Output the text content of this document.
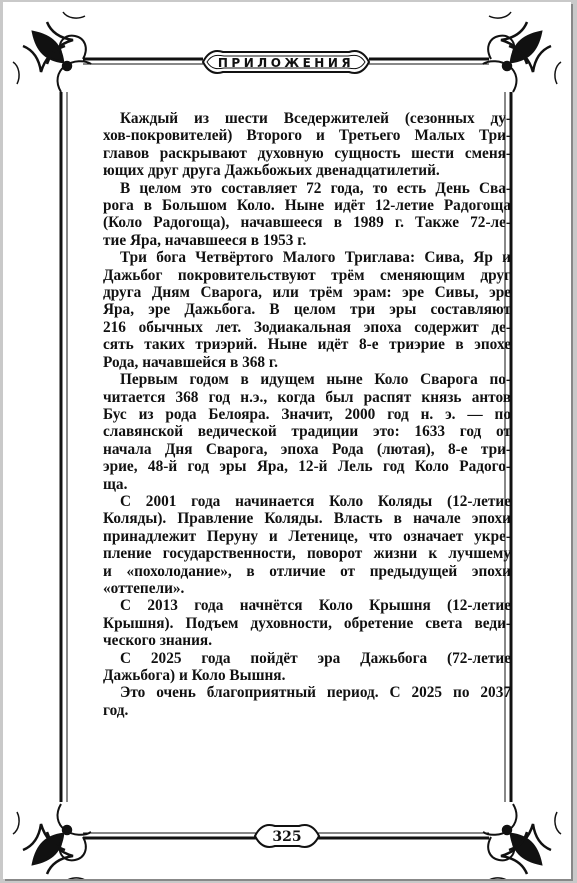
ПРИЛОЖЕНИЯ
325
Каждый из шести Вседержителей (сезонных ду-
хов-покровителей) Второго и Третьего Малых Три-
главов раскрывают духовную сущность шести сменя-
ющих друг друга Дажьбожьих двенадцатилетий.
В целом это составляет 72 года, то есть День Сва-
рога в Большом Коло. Ныне идёт 12-летие Радогоща
(Коло Радогоща), начавшееся в 1989 г. Также 72-ле-
тие Яра, начавшееся в 1953 г.
Три бога Четвёртого Малого Триглава: Сива, Яр и
Дажьбог покровительствуют трём сменяющим друг
друга Дням Сварога, или трём эрам: эре Сивы, эре
Яра, эре Дажьбога. В целом три эры составляют
216 обычных лет. Зодиакальная эпоха содержит де-
сять таких триэрий. Ныне идёт 8-е триэрие в эпохе
Рода, начавшейся в 368 г.
Первым годом в идущем ныне Коло Сварога по-
читается 368 год н.э., когда был распят князь антов
Бус из рода Белояра. Значит, 2000 год н. э. — по
славянской ведической традиции это: 1633 год от
начала Дня Сварога, эпоха Рода (лютая), 8-е три-
эрие, 48-й год эры Яра, 12-й Лель год Коло Радого-
ща.
С 2001 года начинается Коло Коляды (12-летие
Коляды). Правление Коляды. Власть в начале эпохи
принадлежит Перуну и Летенице, что означает укре-
пление государственности, поворот жизни к лучшему
и «похолодание», в отличие от предыдущей эпохи
«оттепели».
С 2013 года начнётся Коло Крышня (12-летие
Крышня). Подъем духовности, обретение света веди-
ческого знания.
С 2025 года пойдёт эра Дажьбога (72-летие
Дажьбога) и Коло Вышня.
Это очень благоприятный период. С 2025 по 2037
год.
